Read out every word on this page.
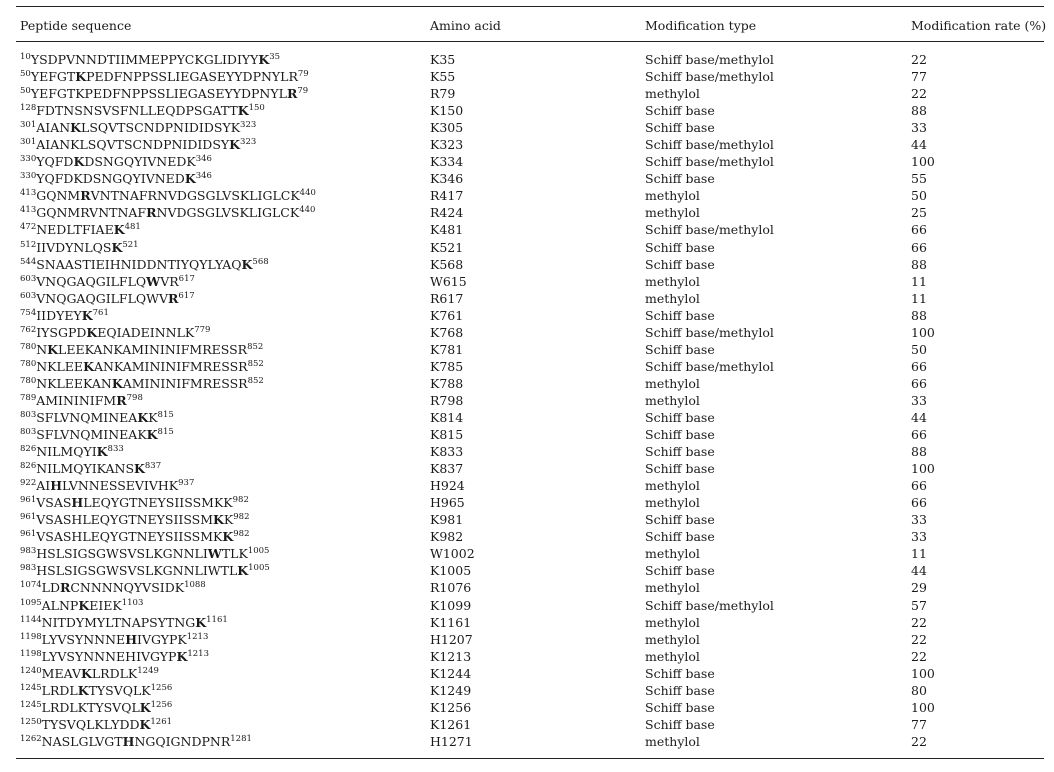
Peptide sequence	Amino acid	Modification type	Modification rate (%)
$^{10}$YSDPVNNDTIIMMEPPYCKGLIDIYYK$^{35}$	K35	Schiff base/methylol	22
$^{50}$YEFGTKPEDFNPPSSLIEGASEYYDPNYLR$^{79}$	K55	Schiff base/methylol	77
$^{50}$YEFGTKPEDFNPPSSLIEGASEYYDPNYLR$^{79}$	R79	methylol	22
$^{128}$FDTNSNSVSFNLLEQDPSGATTK$^{150}$	K150	Schiff base	88
$^{301}$AIANKLSQVTSCNDPNIDIDSYK$^{323}$	K305	Schiff base	33
$^{301}$AIANKLSQVTSCNDPNIDIDSYK$^{323}$	K323	Schiff base/methylol	44
$^{330}$YQFDKDSNGQYIVNEDK$^{346}$	K334	Schiff base/methylol	100
$^{330}$YQFDKDSNGQYIVNEDK$^{346}$	K346	Schiff base	55
$^{413}$GQNMRVNTNAFRNVDGSGLVSKLIGLCK$^{440}$	R417	methylol	50
$^{413}$GQNMRVNTNAFRNVDGSGLVSKLIGLCK$^{440}$	R424	methylol	25
$^{472}$NEDLTFIAEK$^{481}$	K481	Schiff base/methylol	66
$^{512}$IIVDYNLQSK$^{521}$	K521	Schiff base	66
$^{544}$SNAASTIEIHNIDDNTIYQYLYAQK$^{568}$	K568	Schiff base	88
$^{603}$VNQGAQGILFLQWVR$^{617}$	W615	methylol	11
$^{603}$VNQGAQGILFLQWVR$^{617}$	R617	methylol	11
$^{754}$IIDYEYK$^{761}$	K761	Schiff base	88
$^{762}$IYSGPDKEQIADEINNLK$^{779}$	K768	Schiff base/methylol	100
$^{780}$NKLEEKANKAMININIFMRESSR$^{852}$	K781	Schiff base	50
$^{780}$NKLEEKANKAMININIFMRESSR$^{852}$	K785	Schiff base/methylol	66
$^{780}$NKLEEKANKAMININIFMRESSR$^{852}$	K788	methylol	66
$^{789}$AMININIFMR$^{798}$	R798	methylol	33
$^{803}$SFLVNQMINEAKK$^{815}$	K814	Schiff base	44
$^{803}$SFLVNQMINEAKK$^{815}$	K815	Schiff base	66
$^{826}$NILMQYIK$^{833}$	K833	Schiff base	88
$^{826}$NILMQYIKANSK$^{837}$	K837	Schiff base	100
$^{922}$AIHLVNNESSEVIVHK$^{937}$	H924	methylol	66
$^{961}$VSASHLEQYGTNEYSIISSMKK$^{982}$	H965	methylol	66
$^{961}$VSASHLEQYGTNEYSIISSMKK$^{982}$	K981	Schiff base	33
$^{961}$VSASHLEQYGTNEYSIISSMKK$^{982}$	K982	Schiff base	33
$^{983}HSLSIGSGWSVSLKGNNLIWTLK^{1005}$	W1002	methylol	11
$^{983}HSLSIGSGWSVSLKGNNLIWTLK^{1005}$	K1005	Schiff base	44
$^{1074}LDRCNNNNQYVSIDK^{1088}$	R1076	methylol	29
$^{1095}ALNPKEIEK^{1103}$	K1099	Schiff base/methylol	57
$^{1144}NITDYMYLTNAPSYTNGK^{1161}$	K1161	methylol	22
$^{1198}LYVSYNNNEHIVGYPK^{1213}$	H1207	methylol	22
$^{1198}LYVSYNNNEHIVGYPK^{1213}$	K1213	methylol	22
$^{1240}MEAVKLRDLK^{1249}$	K1244	Schiff base	100
$^{1245}LRDLKTYSVQLK^{1256}$	K1249	Schiff base	80
$^{1245}LRDLKTYSVQLK^{1256}$	K1256	Schiff base	100
$^{1250}TYSVQLKLYDDK^{1261}$	K1261	Schiff base	77
$^{1262}NASLGLVGTHNGQIGNDPNR^{1281}$	H1271	methylol	22
